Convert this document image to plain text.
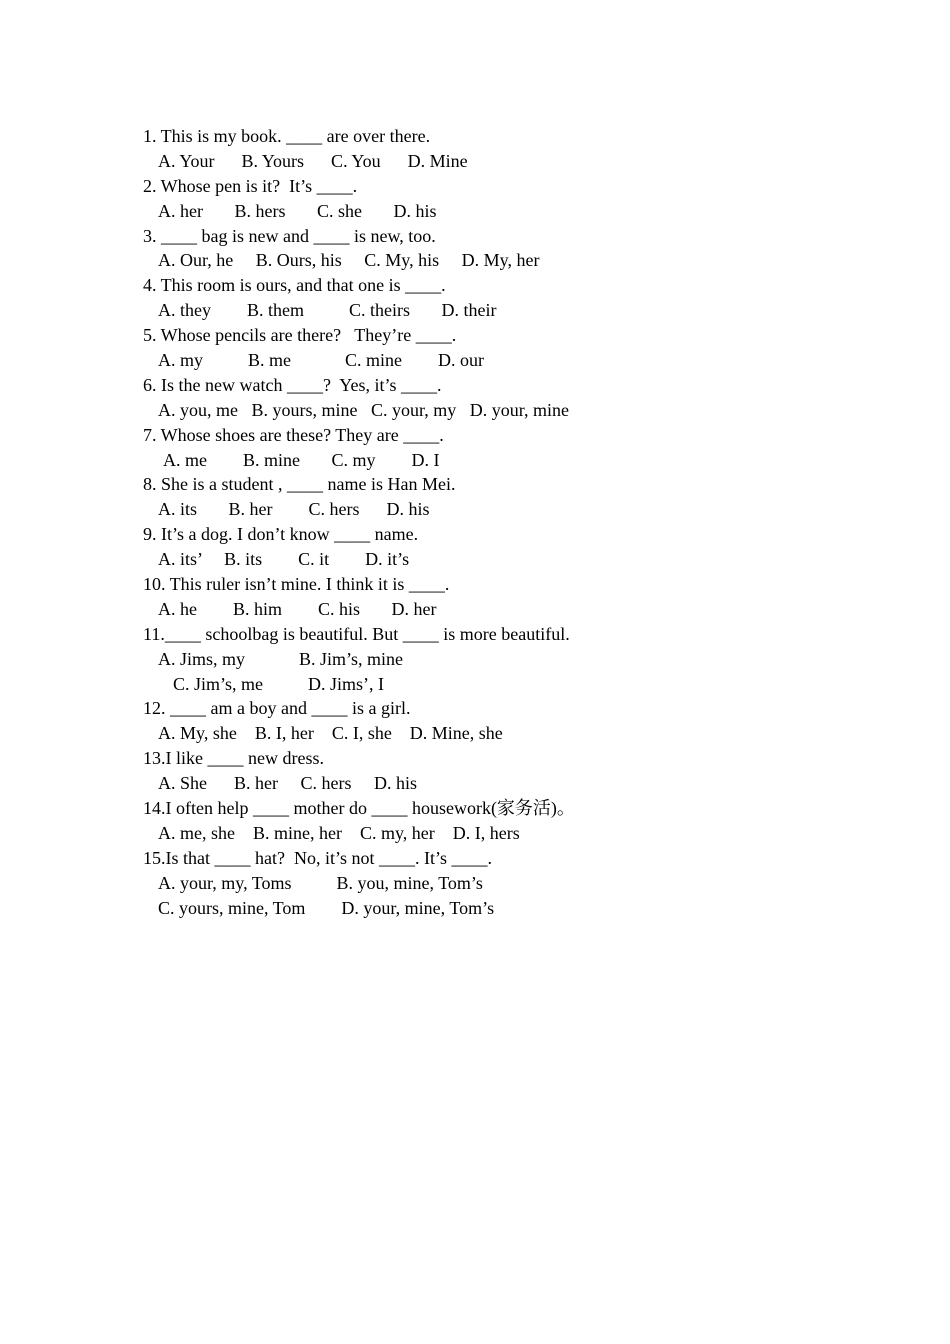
1. This is my book. ____ are over there.
A. Your      B. Yours      C. You      D. Mine
2. Whose pen is it?  It’s ____.
A. her       B. hers       C. she       D. his
3. ____ bag is new and ____ is new, too.
A. Our, he     B. Ours, his     C. My, his     D. My, her
4. This room is ours, and that one is ____.
A. they        B. them          C. theirs       D. their
5. Whose pencils are there?   They’re ____.
A. my          B. me            C. mine        D. our
6. Is the new watch ____?  Yes, it’s ____.
A. you, me   B. yours, mine   C. your, my   D. your, mine
7. Whose shoes are these? They are ____.
A. me        B. mine       C. my        D. I
8. She is a student , ____ name is Han Mei.
A. its       B. her        C. hers      D. his
9. It’s a dog. I don’t know ____ name.
A. its’     B. its        C. it        D. it’s
10. This ruler isn’t mine. I think it is ____.
A. he        B. him        C. his       D. her
11.____ schoolbag is beautiful. But ____ is more beautiful.
A. Jims, my            B. Jim’s, mine
C. Jim’s, me          D. Jims’, I
12. ____ am a boy and ____ is a girl.
A. My, she    B. I, her    C. I, she    D. Mine, she
13.I like ____ new dress.
A. She      B. her     C. hers     D. his
14.I often help ____ mother do ____ housework(家务活)。
A. me, she    B. mine, her    C. my, her    D. I, hers
15.Is that ____ hat?  No, it’s not ____. It’s ____.
A. your, my, Toms          B. you, mine, Tom’s
C. yours, mine, Tom        D. your, mine, Tom’s
